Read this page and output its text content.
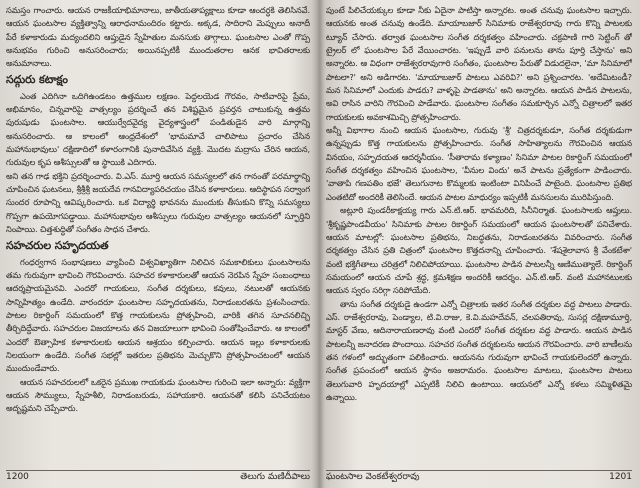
సమస్తం గాంచారు. ఆయన రాజకీయాభిమానాలు, జాతీయతాప్యక్షాలు కూడా ఆందర్ధకి తెలిసినవే. ఆయన ఘంటసాల వ్యక్తిత్వాన్ని ఆరాధనామందిరం కట్టారు. అక్కడ, సాదిరాని మెప్పులు అనాదీ పేరే కళాకారుడు మద్యందలిని ఆప్తుడైన స్నేహితుల మనసుకు తాగ్గాలు. ఘంటసాల ఎంతో గొప్ప అనుభవం గురించి అనుసరించారు; అయినప్పటికీ ముందుతరాల ఆనక భావితరాలకు అనుమానాలు.

సద్గురు కటాక్షం

ఎంత ఎదిగినా ఒదిగిఉండటం ఉత్తముల లక్షణం. పెద్దలయెడ గౌరవం, సాటివారిపై ప్రేమ, అభిమానం, చిన్నవారిపై వాత్సల్యం ప్రదర్శించే తన విశిష్టమైన ప్రవర్తన చాటుకున్న ఉత్తమ పురుషుడు ఘంటసాల. ఆయుర్వేదవైద్య వైద్యశాస్త్రంలో పండితుడైన వారి మార్గాన్ని అనుసరించారు. ఆ కాలంలో ఆంధ్రదేశంలో 'భామమావే చాలిపాటు ప్రచారం చేసిన మహానుభావులు' దక్షిణాదిలో కళారంగానికి పునాదివేసిన వ్యక్తి. మొదట మద్రాసు చేరిన ఆయన, గురువుల కృప ఆశీస్సులతో ఆ స్థాయికి ఎదిగారు.

అని తన గాఢ భక్తిని ప్రదర్శించారు. వి.ఎస్. మూర్తి ఆయన సమస్యలలో తన గానంతో పరమార్థాన్ని చూపించిన ఘటనలు, శ్రీశ్రీశ్రీ జయదేవ గానవిద్యాపరిచయం చేసిన కళాకారులు. ఆదిస్థాపన సర్వాంగ సుందర రూపాన్ని ఆవిష్కరించారు. ఒక విద్యార్థి భావనను ముందుకు తీసుకుని కొన్ని సమస్యలు గొప్పగా ఉపయోగపడ్డాయి. మహానుభావుల ఆశీస్సులు గురువుల వాత్సల్యం ఆయనలో స్ఫూర్తిని నింపాయి. చిత్తశుద్ధితో సంగీతం సాధన చేశారు.

సహచరుల సహృదయత

గంధర్వగాన సంభాషణలు వ్యాపించి విశ్వవిఖ్యాతిగా నిలిచిన సమకాలికులు ఘంటసాలను తమ గురువుగా భావించి గౌరవించారు. సహచర కళాకారులతో ఆయన నెరపిన స్నేహ సంబంధాలు ఆదర్శప్రాయమైనవి. ఎందరో గాయకులు, సంగీత దర్శకులు, కవులు, నటులతో ఆయనకు సాన్నిహిత్యం ఉండేది. వారందరూ ఘంటసాల సహృదయతను, నిరాడంబరతను ప్రశంసించారు. పాటల రికార్డింగ్ సమయంలో కొత్త గాయకులను ప్రోత్సహించి, వారికి తగిన సూచనలిచ్చి తీర్చిదిద్దేవారు. సహచరుల విజయాలను తన విజయాలుగా భావించి సంతోషించేవారు. ఆ కాలంలో ఎందరో ఔత్సాహిక కళాకారులకు ఆయన ఆశ్రయం కల్పించారు. ఆయన ఇల్లు కళాకారులకు నిలయంగా ఉండేది. సంగీత సభల్లో ఇతరుల ప్రతిభను మెచ్చుకొని ప్రోత్సహించటంలో ఆయన ముందుండేవారు.

ఆయన సహచరులలో ఒకరైన ప్రముఖ గాయకుడు ఘంటసాల గురించి ఇలా అన్నారు: వ్యక్తిగా ఆయన సౌమ్యులు, స్నేహశీలి, నిరాడంబరుడు, సహాయకారి. ఆయనతో కలిసి పనిచేయటం అదృష్టమని చెప్పేవారు.

1200	తెలుగు మణిదీపాలు

పుంటే పిలిచేయక్కుల కూడా నీకు ఏదైనా పాటిస్తా అన్నారట. అంత చనువు ఘంటసాల ఇచ్చారు. ఆయనకు అంత చనువు ఉండేది. మాయాబజార్ సినిమాకు రాజేశ్వరరావు గారు కొన్ని పాటలకు ట్యూన్ చేసారు. తర్వాత ఘంటసాల సంగీత దర్శకత్వం వహించారు. చక్రపాణి గారి సెట్టింగ్ తో ట్రైలర్ లో ఘంటసాల పేరే వేయించారట. 'ఇప్పుడే వారి పనులను తాను పూర్తి చేస్తాను' అని అన్నారట. ఆ విధంగా రాజేశ్వరరావుగారి సంగీతం, ఘంటసాల పేరుతో విడుదలైనా, 'మా సినిమాలో పాటలా?' అని అడిగారట. 'మాయాబజార్ పాటలు ఎవరివి?' అని ప్రశ్నించారట. 'అదేమిటండీ? మన సినిమాలో ఎందుకు పాడరు? వాళ్ళపై పాడతాను' అని అన్నారట. ఆయన పాడిన పాటలను, అవి రాసిన వారిని గౌరవించి పాడేవారు. ఘంటసాల సంగీతం సమకూర్చిన ఎన్నో చిత్రాలలో ఇతర గాయకులకు అవకాశమిచ్చి ప్రోత్సహించారు.

అన్నీ విభాగాల నుంచి ఆయన ఘంటసాల, గురువు 'శ్రీ' చిత్రదర్శకుడూ, సంగీత దర్శకుడుగా ఉన్నప్పుడు కొత్త గాయకులను ప్రోత్సహించారు. సంగీత సాహిత్యాలను గౌరవించిన ఆయన వినయం, సహృదయత ఆదర్శనీయం. 'సీతారామ కళ్యాణం' సినిమా పాటల రికార్డింగ్ సమయంలో సంగీత దర్శకత్వం వహించిన ఘంటసాల, 'వీనుల విందు' అనే పాటను ప్రత్యేకంగా పాడించారు. 'వాతాపి గణపతిం భజే' తెలుగునాట కొమ్మలకు ఇంటింటా వినిపించే పాటైంది. ఘంటసాల ప్రతిభ ఎంతటిదో అందరికీ తెలిసిందే. ఆయన పాటల మాధుర్యం ఇప్పటికీ మనసులను మురిపిస్తుంది.

అట్లూరి పుండరీకాక్షయ్య గారు ఎన్.టి.ఆర్. భావమరిది, సినీనిర్మాత. ఘంటసాలకు ఆప్తులు. 'శ్రీకృష్ణపాండవీయం' సినిమాకు పాటల రికార్డింగ్ సమయంలో ఆయన ఘంటసాలతో పనిచేశారు. ఆయన మాటల్లో: ఘంటసాల ప్రతిభను, నిబద్ధతను, నిరాడంబరతను వివరించారు. సంగీత దర్శకత్వం చేసిన ప్రతి చిత్రంలో ఘంటసాల కొత్తదనాన్ని చూపించారు. 'శేషశైలావాస శ్రీ వేంకటేశా' వంటి భక్తిగీతాలు చరిత్రలో నిలిచిపోయాయి. ఘంటసాల పాడిన పాటలన్నీ ఆణిముత్యాలే. రికార్డింగ్ సమయంలో ఆయన చూపే శ్రద్ధ, క్రమశిక్షణ అందరికీ ఆదర్శం. ఎన్.టి.ఆర్. వంటి మహానటులకు ఆయన స్వరం సరిగ్గా సరిపోయేది.

తాను సంగీత దర్శకుడై ఉండగా ఎన్నో చిత్రాలకు ఇతర సంగీత దర్శకుల వద్ద పాటలు పాడారు. ఎస్. రాజేశ్వరరావు, పెండ్యాల, టి.వి.రాజు, కె.వి.మహదేవన్, చలపతిరావు, సుసర్ల దక్షిణామూర్తి, మాస్టర్ వేణు, ఆదినారాయణరావు వంటి ఎందరో సంగీత దర్శకుల వద్ద పాడారు. ఆయన పాడిన పాటలన్నీ జనాదరణ పొందాయి. సహచర సంగీత దర్శకులను ఆయన గౌరవించారు. వారి బాణీలను తన గళంలో అద్భుతంగా పలికించారు. ఆయనను గురువుగా భావించే గాయకులెందరో ఉన్నారు. సంగీత ప్రపంచంలో ఆయన స్థానం అజరామరం. ఘంటసాల మాటలు, ఘంటసాల పాటలు తెలుగువారి హృదయాల్లో ఎప్పటికీ నిలిచి ఉంటాయి. ఆయనలో ఎన్నో కళలు సమ్మిళితమై ఉన్నాయి.

ఘంటసాల వెంకటేశ్వరరావు	1201
